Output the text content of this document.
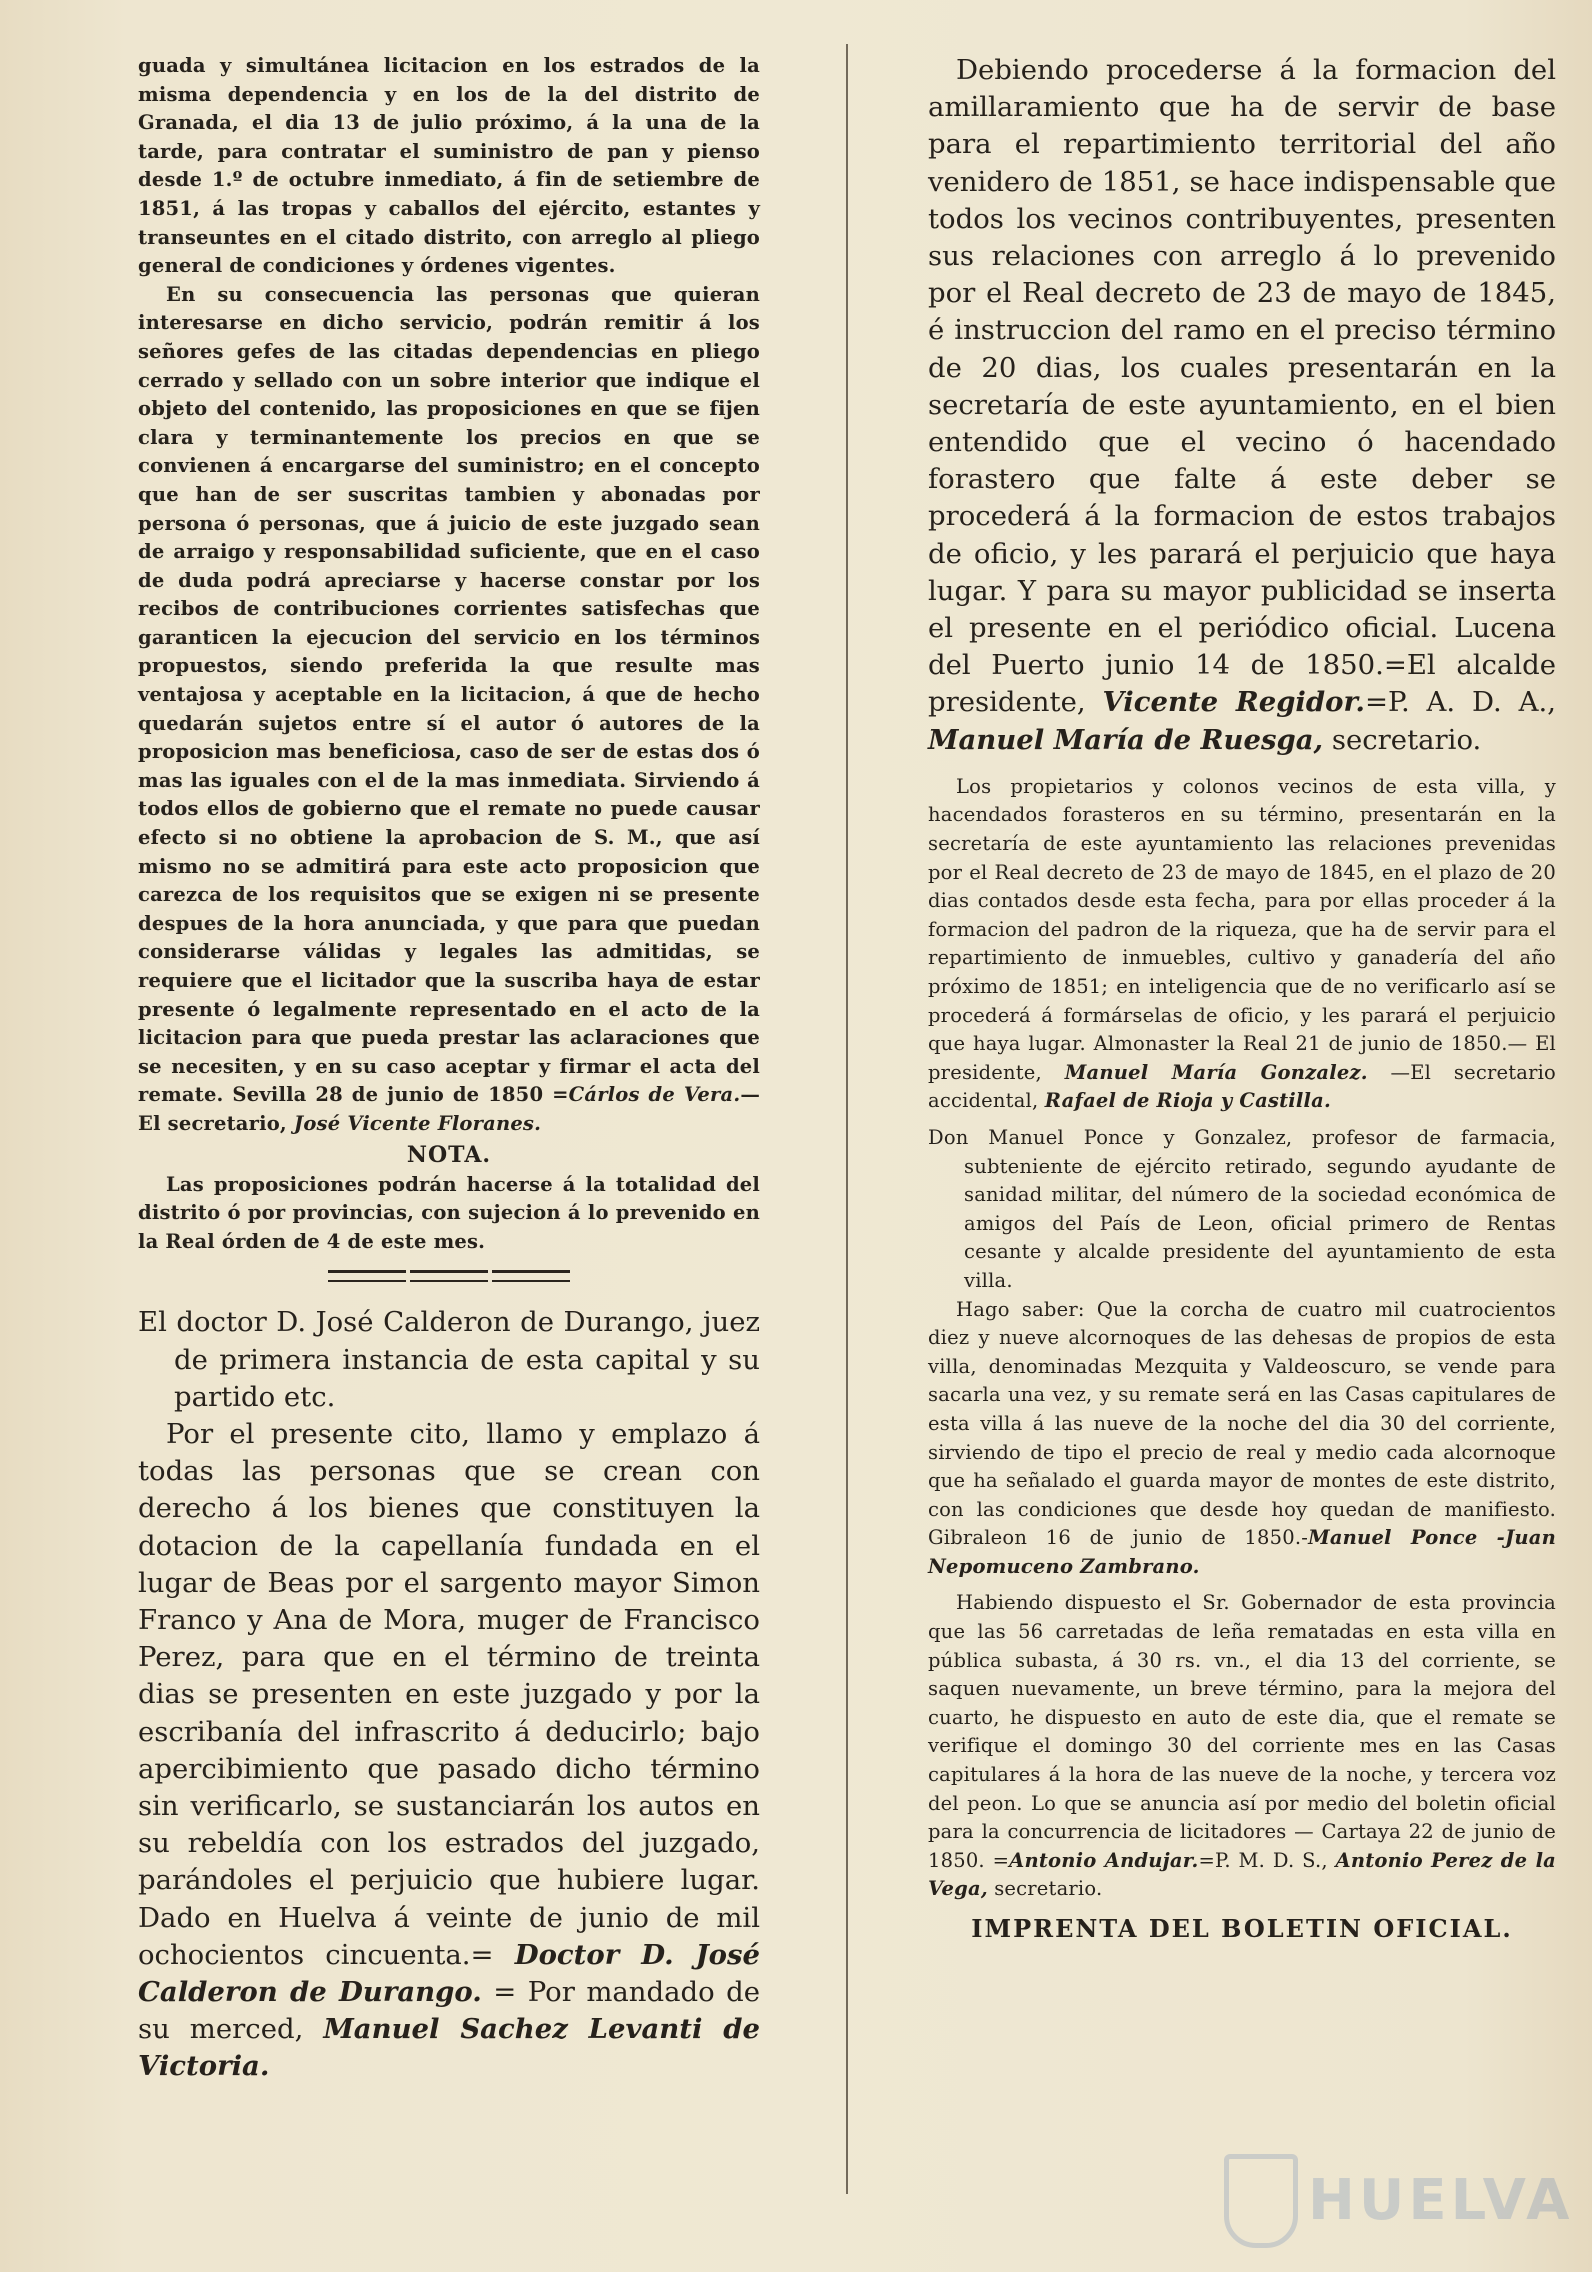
guada y simultánea licitacion en los estrados de la misma dependencia y en los de la del distrito de Granada, el dia 13 de julio próximo, á la una de la tarde, para contratar el suministro de pan y pienso desde 1.º de octubre inmediato, á fin de setiembre de 1851, á las tropas y caballos del ejército, estantes y transeuntes en el citado distrito, con arreglo al pliego general de condiciones y órdenes vigentes.

En su consecuencia las personas que quieran interesarse en dicho servicio, podrán remitir á los señores gefes de las citadas dependencias en pliego cerrado y sellado con un sobre interior que indique el objeto del contenido, las proposiciones en que se fijen clara y terminantemente los precios en que se convienen á encargarse del suministro; en el concepto que han de ser suscritas tambien y abonadas por persona ó personas, que á juicio de este juzgado sean de arraigo y responsabilidad suficiente, que en el caso de duda podrá apreciarse y hacerse constar por los recibos de contribuciones corrientes satisfechas que garanticen la ejecucion del servicio en los términos propuestos, siendo preferida la que resulte mas ventajosa y aceptable en la licitacion, á que de hecho quedarán sujetos entre sí el autor ó autores de la proposicion mas beneficiosa, caso de ser de estas dos ó mas las iguales con el de la mas inmediata. Sirviendo á todos ellos de gobierno que el remate no puede causar efecto si no obtiene la aprobacion de S. M., que así mismo no se admitirá para este acto proposicion que carezca de los requisitos que se exigen ni se presente despues de la hora anunciada, y que para que puedan considerarse válidas y legales las admitidas, se requiere que el licitador que la suscriba haya de estar presente ó legalmente representado en el acto de la licitacion para que pueda prestar las aclaraciones que se necesiten, y en su caso aceptar y firmar el acta del remate. Sevilla 28 de junio de 1850 =Cárlos de Vera.— El secretario, José Vicente Floranes.

NOTA.

Las proposiciones podrán hacerse á la totalidad del distrito ó por provincias, con sujecion á lo prevenido en la Real órden de 4 de este mes.

El doctor D. José Calderon de Durango, juez de primera instancia de esta capital y su partido etc.

Por el presente cito, llamo y emplazo á todas las personas que se crean con derecho á los bienes que constituyen la dotacion de la capellanía fundada en el lugar de Beas por el sargento mayor Simon Franco y Ana de Mora, muger de Francisco Perez, para que en el término de treinta dias se presenten en este juzgado y por la escribanía del infrascrito á deducirlo; bajo apercibimiento que pasado dicho término sin verificarlo, se sustanciarán los autos en su rebeldía con los estrados del juzgado, parándoles el perjuicio que hubiere lugar. Dado en Huelva á veinte de junio de mil ochocientos cincuenta.= Doctor D. José Calderon de Durango. = Por mandado de su merced, Manuel Sachez Levanti de Victoria.

Debiendo procederse á la formacion del amillaramiento que ha de servir de base para el repartimiento territorial del año venidero de 1851, se hace indispensable que todos los vecinos contribuyentes, presenten sus relaciones con arreglo á lo prevenido por el Real decreto de 23 de mayo de 1845, é instruccion del ramo en el preciso término de 20 dias, los cuales presentarán en la secretaría de este ayuntamiento, en el bien entendido que el vecino ó hacendado forastero que falte á este deber se procederá á la formacion de estos trabajos de oficio, y les parará el perjuicio que haya lugar. Y para su mayor publicidad se inserta el presente en el periódico oficial. Lucena del Puerto junio 14 de 1850.=El alcalde presidente, Vicente Regidor.=P. A. D. A., Manuel María de Ruesga, secretario.

Los propietarios y colonos vecinos de esta villa, y hacendados forasteros en su término, presentarán en la secretaría de este ayuntamiento las relaciones prevenidas por el Real decreto de 23 de mayo de 1845, en el plazo de 20 dias contados desde esta fecha, para por ellas proceder á la formacion del padron de la riqueza, que ha de servir para el repartimiento de inmuebles, cultivo y ganadería del año próximo de 1851; en inteligencia que de no verificarlo así se procederá á formárselas de oficio, y les parará el perjuicio que haya lugar. Almonaster la Real 21 de junio de 1850.— El presidente, Manuel María Gonzalez. —El secretario accidental, Rafael de Rioja y Castilla.

Don Manuel Ponce y Gonzalez, profesor de farmacia, subteniente de ejército retirado, segundo ayudante de sanidad militar, del número de la sociedad económica de amigos del País de Leon, oficial primero de Rentas cesante y alcalde presidente del ayuntamiento de esta villa.

Hago saber: Que la corcha de cuatro mil cuatrocientos diez y nueve alcornoques de las dehesas de propios de esta villa, denominadas Mezquita y Valdeoscuro, se vende para sacarla una vez, y su remate será en las Casas capitulares de esta villa á las nueve de la noche del dia 30 del corriente, sirviendo de tipo el precio de real y medio cada alcornoque que ha señalado el guarda mayor de montes de este distrito, con las condiciones que desde hoy quedan de manifiesto. Gibraleon 16 de junio de 1850.-Manuel Ponce -Juan Nepomuceno Zambrano.

Habiendo dispuesto el Sr. Gobernador de esta provincia que las 56 carretadas de leña rematadas en esta villa en pública subasta, á 30 rs. vn., el dia 13 del corriente, se saquen nuevamente, un breve término, para la mejora del cuarto, he dispuesto en auto de este dia, que el remate se verifique el domingo 30 del corriente mes en las Casas capitulares á la hora de las nueve de la noche, y tercera voz del peon. Lo que se anuncia así por medio del boletin oficial para la concurrencia de licitadores — Cartaya 22 de junio de 1850. =Antonio Andujar.=P. M. D. S., Antonio Perez de la Vega, secretario.

IMPRENTA DEL BOLETIN OFICIAL.
HUELVA
